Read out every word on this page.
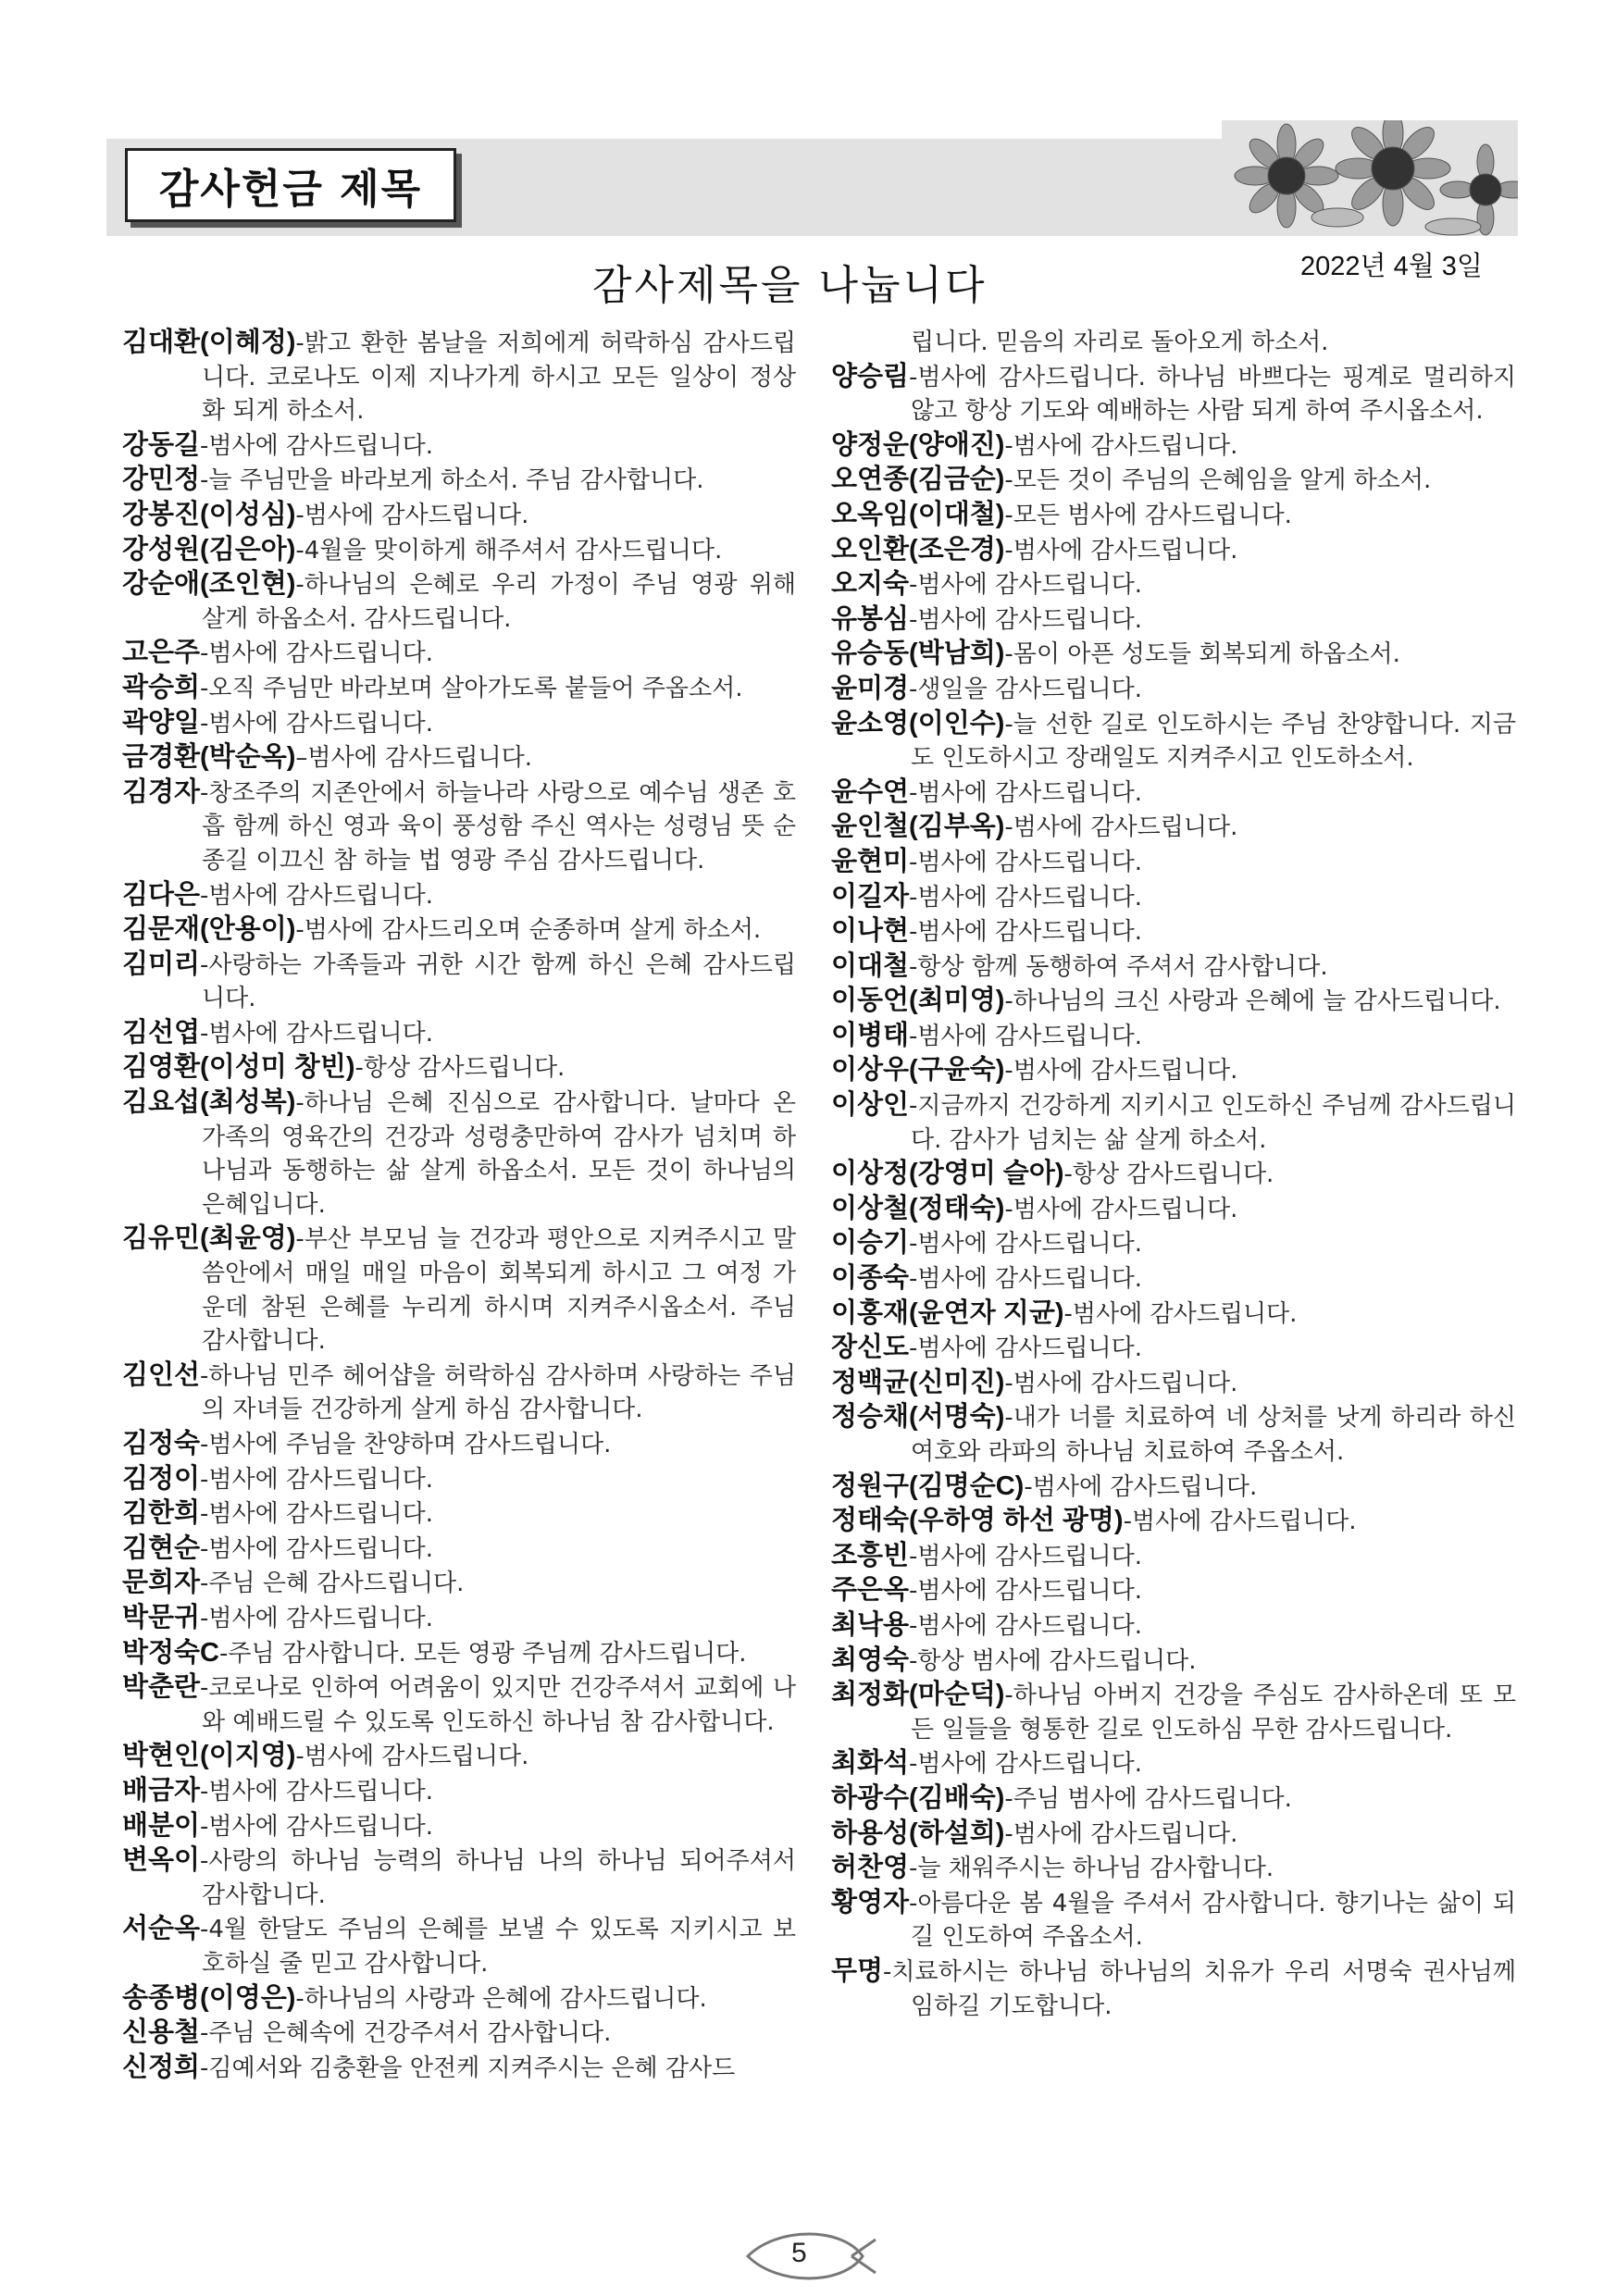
감사헌금 제목
감사제목을 나눕니다	2022년 4월 3일

김대환(이혜정)-밝고 환한 봄날을 저희에게 허락하심 감사드립니다. 코로나도 이제 지나가게 하시고 모든 일상이 정상화 되게 하소서.

강동길-범사에 감사드립니다.

강민정-늘 주님만을 바라보게 하소서. 주님 감사합니다.

강봉진(이성심)-범사에 감사드립니다.

강성원(김은아)-4월을 맞이하게 해주셔서 감사드립니다.

강순애(조인현)-하나님의 은혜로 우리 가정이 주님 영광 위해 살게 하옵소서. 감사드립니다.

고은주-범사에 감사드립니다.

곽승희-오직 주님만 바라보며 살아가도록 붙들어 주옵소서.

곽양일-범사에 감사드립니다.

금경환(박순옥)–범사에 감사드립니다.

김경자-창조주의 지존안에서 하늘나라 사랑으로 예수님 생존 호흡 함께 하신 영과 육이 풍성함 주신 역사는 성령님 뜻 순종길 이끄신 참 하늘 법 영광 주심 감사드립니다.

김다은-범사에 감사드립니다.

김문재(안용이)-범사에 감사드리오며 순종하며 살게 하소서.

김미리-사랑하는 가족들과 귀한 시간 함께 하신 은혜 감사드립니다.

김선엽-범사에 감사드립니다.

김영환(이성미 창빈)-항상 감사드립니다.

김요섭(최성복)-하나님 은혜 진심으로 감사합니다. 날마다 온 가족의 영육간의 건강과 성령충만하여 감사가 넘치며 하나님과 동행하는 삶 살게 하옵소서. 모든 것이 하나님의 은혜입니다.

김유민(최윤영)-부산 부모님 늘 건강과 평안으로 지켜주시고 말씀안에서 매일 매일 마음이 회복되게 하시고 그 여정 가운데 참된 은혜를 누리게 하시며 지켜주시옵소서. 주님 감사합니다.

김인선-하나님 민주 헤어샵을 허락하심 감사하며 사랑하는 주님의 자녀들 건강하게 살게 하심 감사합니다.

김정숙-범사에 주님을 찬양하며 감사드립니다.

김정이-범사에 감사드립니다.

김한희-범사에 감사드립니다.

김현순-범사에 감사드립니다.

문희자-주님 은혜 감사드립니다.

박문귀-범사에 감사드립니다.

박정숙C-주님 감사합니다. 모든 영광 주님께 감사드립니다.

박춘란-코로나로 인하여 어려움이 있지만 건강주셔서 교회에 나와 예배드릴 수 있도록 인도하신 하나님 참 감사합니다.

박현인(이지영)-범사에 감사드립니다.

배금자-범사에 감사드립니다.

배분이-범사에 감사드립니다.

변옥이-사랑의 하나님 능력의 하나님 나의 하나님 되어주셔서 감사합니다.

서순옥-4월 한달도 주님의 은혜를 보낼 수 있도록 지키시고 보호하실 줄 믿고 감사합니다.

송종병(이영은)-하나님의 사랑과 은혜에 감사드립니다.

신용철-주님 은혜속에 건강주셔서 감사합니다.

신정희-김예서와 김충환을 안전케 지켜주시는 은혜 감사드

립니다. 믿음의 자리로 돌아오게 하소서.

양승림-범사에 감사드립니다. 하나님 바쁘다는 핑계로 멀리하지 않고 항상 기도와 예배하는 사람 되게 하여 주시옵소서.

양정운(양애진)-범사에 감사드립니다.

오연종(김금순)-모든 것이 주님의 은혜임을 알게 하소서.

오옥임(이대철)-모든 범사에 감사드립니다.

오인환(조은경)-범사에 감사드립니다.

오지숙-범사에 감사드립니다.

유봉심-범사에 감사드립니다.

유승동(박남희)-몸이 아픈 성도들 회복되게 하옵소서.

윤미경-생일을 감사드립니다.

윤소영(이인수)-늘 선한 길로 인도하시는 주님 찬양합니다. 지금도 인도하시고 장래일도 지켜주시고 인도하소서.

윤수연-범사에 감사드립니다.

윤인철(김부옥)-범사에 감사드립니다.

윤현미-범사에 감사드립니다.

이길자-범사에 감사드립니다.

이나현-범사에 감사드립니다.

이대철-항상 함께 동행하여 주셔서 감사합니다.

이동언(최미영)-하나님의 크신 사랑과 은혜에 늘 감사드립니다.

이병태-범사에 감사드립니다.

이상우(구윤숙)-범사에 감사드립니다.

이상인-지금까지 건강하게 지키시고 인도하신 주님께 감사드립니다. 감사가 넘치는 삶 살게 하소서.

이상정(강영미 슬아)-항상 감사드립니다.

이상철(정태숙)-범사에 감사드립니다.

이승기-범사에 감사드립니다.

이종숙-범사에 감사드립니다.

이홍재(윤연자 지균)-범사에 감사드립니다.

장신도-범사에 감사드립니다.

정백균(신미진)-범사에 감사드립니다.

정승채(서명숙)-내가 너를 치료하여 네 상처를 낫게 하리라 하신 여호와 라파의 하나님 치료하여 주옵소서.

정원구(김명순C)-범사에 감사드립니다.

정태숙(우하영 하선 광명)-범사에 감사드립니다.

조흥빈-범사에 감사드립니다.

주은옥-범사에 감사드립니다.

최낙용-범사에 감사드립니다.

최영숙-항상 범사에 감사드립니다.

최정화(마순덕)-하나님 아버지 건강을 주심도 감사하온데 또 모든 일들을 형통한 길로 인도하심 무한 감사드립니다.

최화석-범사에 감사드립니다.

하광수(김배숙)-주님 범사에 감사드립니다.

하용성(하설희)-범사에 감사드립니다.

허찬영-늘 채워주시는 하나님 감사합니다.

황영자-아름다운 봄 4월을 주셔서 감사합니다. 향기나는 삶이 되길 인도하여 주옵소서.

무명-치료하시는 하나님 하나님의 치유가 우리 서명숙 권사님께 임하길 기도합니다.

5
